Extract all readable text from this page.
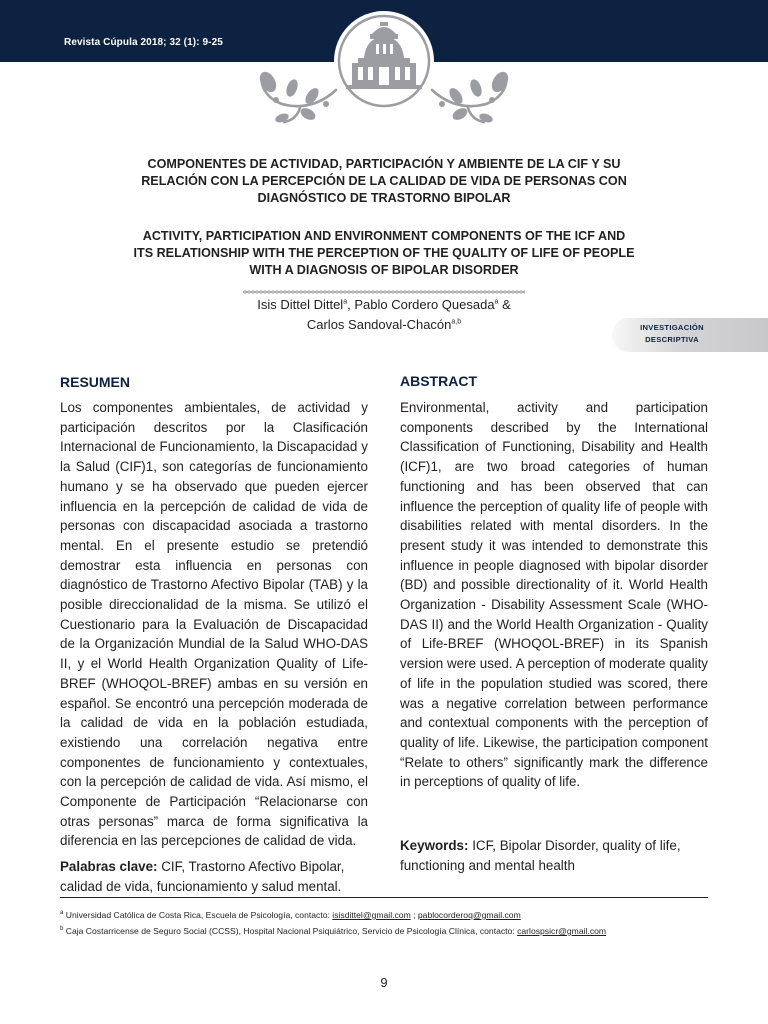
Revista Cúpula 2018; 32 (1): 9-25
COMPONENTES DE ACTIVIDAD, PARTICIPACIÓN Y AMBIENTE DE LA CIF Y SU
RELACIÓN CON LA PERCEPCIÓN DE LA CALIDAD DE VIDA DE PERSONAS CON
DIAGNÓSTICO DE TRASTORNO BIPOLAR
ACTIVITY, PARTICIPATION AND ENVIRONMENT COMPONENTS OF THE ICF AND
ITS RELATIONSHIP WITH THE PERCEPTION OF THE QUALITY OF LIFE OF PEOPLE
WITH A DIAGNOSIS OF BIPOLAR DISORDER
Isis Dittel Dittel$^a$, Pablo Cordero Quesada$^a$ &
Carlos Sandoval-Chacón$^{a,b}$
INVESTIGACIÓN
DESCRIPTIVA
RESUMEN
Los componentes ambientales, de actividad y participación descritos por la Clasificación Internacional de Funcionamiento, la Discapacidad y la Salud (CIF)1, son categorías de funcionamiento humano y se ha observado que pueden ejercer influencia en la percepción de calidad de vida de personas con discapacidad asociada a trastorno mental. En el presente estudio se pretendió demostrar esta influencia en personas con diagnóstico de Trastorno Afectivo Bipolar (TAB) y la posible direccionalidad de la misma. Se utilizó el Cuestionario para la Evaluación de Discapacidad de la Organización Mundial de la Salud WHO-DAS II, y el World Health Organization Quality of Life-BREF (WHOQOL-BREF) ambas en su versión en español. Se encontró una percepción moderada de la calidad de vida en la población estudiada, existiendo una correlación negativa entre componentes de funcionamiento y contextuales, con la percepción de calidad de vida. Así mismo, el Componente de Participación “Relacionarse con otras personas” marca de forma significativa la diferencia en las percepciones de calidad de vida.
Palabras clave: CIF, Trastorno Afectivo Bipolar, calidad de vida, funcionamiento y salud mental.
ABSTRACT
Environmental, activity and participation components described by the International Classification of Functioning, Disability and Health (ICF)1, are two broad categories of human functioning and has been observed that can influence the perception of quality life of people with disabilities related with mental disorders. In the present study it was intended to demonstrate this influence in people diagnosed with bipolar disorder (BD) and possible directionality of it. World Health Organization - Disability Assessment Scale (WHO-DAS II) and the World Health Organization - Quality of Life-BREF (WHOQOL-BREF) in its Spanish version were used. A perception of moderate quality of life in the population studied was scored, there was a negative correlation between performance and contextual components with the perception of quality of life. Likewise, the participation component “Relate to others” significantly mark the difference in perceptions of quality of life.
Keywords: ICF, Bipolar Disorder, quality of life, functioning and mental health
$^a$ Universidad Católica de Costa Rica, Escuela de Psicología, contacto: isisdittel@gmail.com ; pablocorderoq@gmail.com
$^b$ Caja Costarricense de Seguro Social (CCSS), Hospital Nacional Psiquiátrico, Servicio de Psicología Clínica, contacto: carlospsicr@gmail.com
9
